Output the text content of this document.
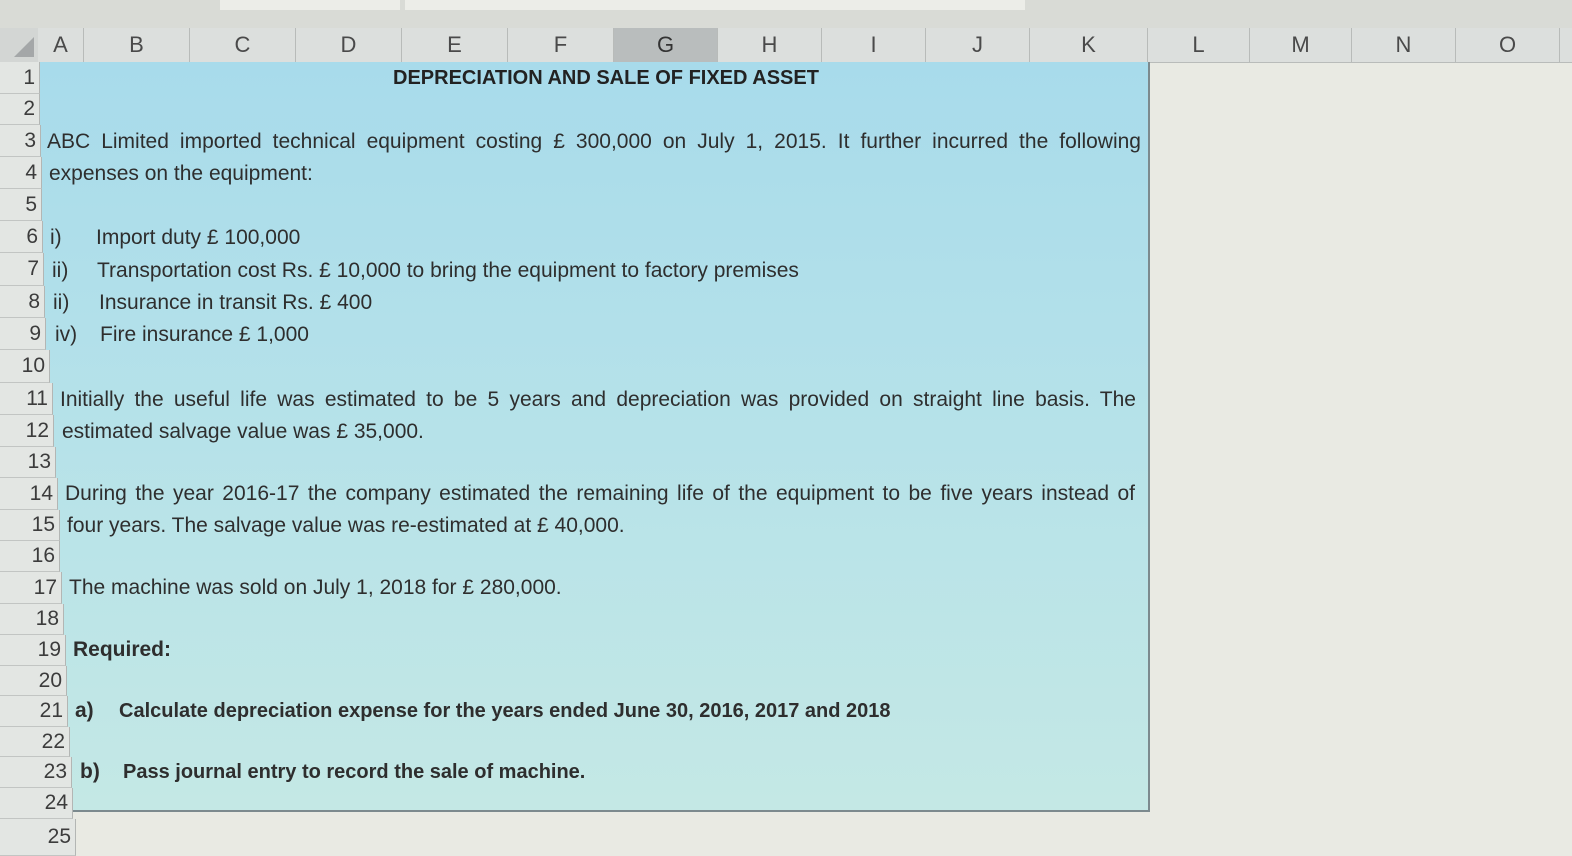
A	B	C	D	E	F	G	H	I	J	K	L	M	N	O
1
2
3
4
5
6
7
8
9
10
11
12
13
14
15
16
17
18
19
20
21
22
23
24
25
DEPRECIATION AND SALE OF FIXED ASSET
ABC Limited imported technical equipment costing £ 300,000 on July 1, 2015. It further incurred the following
expenses on the equipment:
i) Import duty £ 100,000
ii) Transportation cost Rs. £ 10,000 to bring the equipment to factory premises
ii) Insurance in transit Rs. £ 400
iv) Fire insurance £ 1,000
Initially the useful life was estimated to be 5 years and depreciation was provided on straight line basis. The
estimated salvage value was £ 35,000.
During the year 2016-17 the company estimated the remaining life of the equipment to be five years instead of
four years. The salvage value was re-estimated at £ 40,000.
The machine was sold on July 1, 2018 for £ 280,000.
Required:
a) Calculate depreciation expense for the years ended June 30, 2016, 2017 and 2018
b) Pass journal entry to record the sale of machine.
